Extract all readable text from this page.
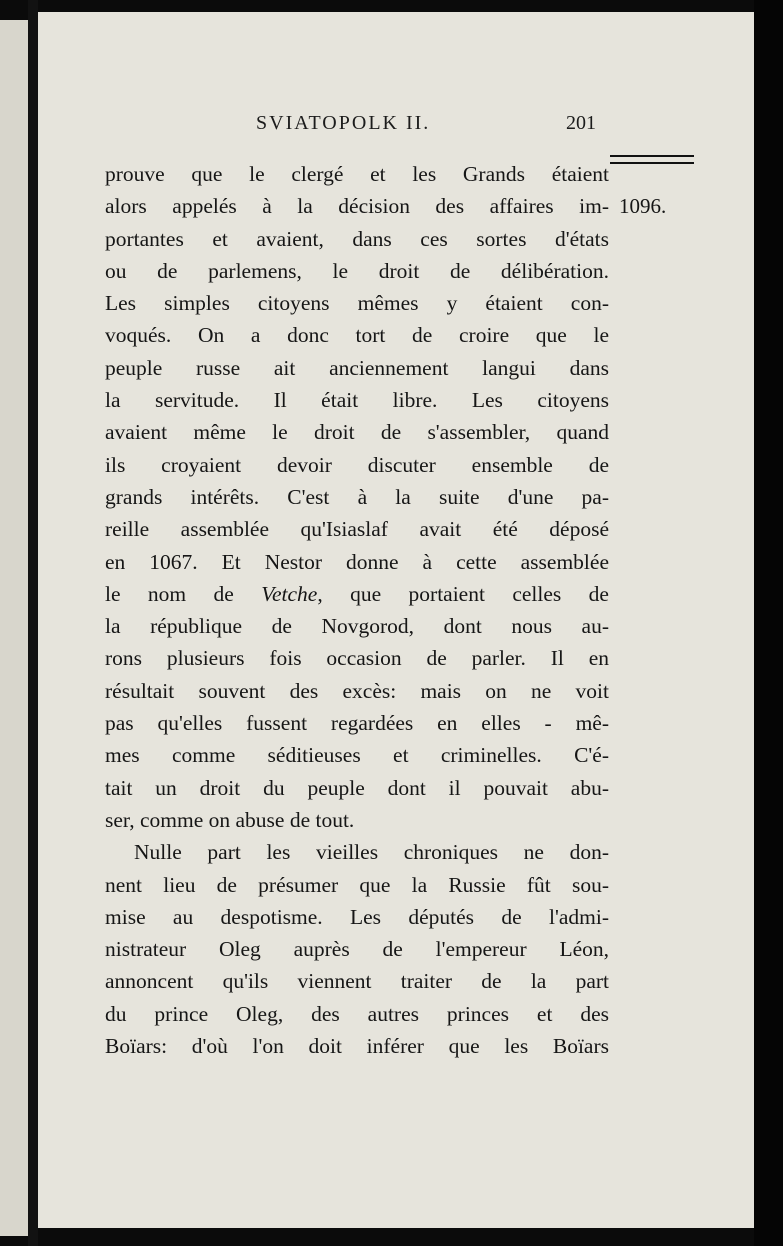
SVIATOPOLK II.	201
1096.
prouve que le clergé et les Grands étaient
alors appelés à la décision des affaires im-
portantes et avaient, dans ces sortes d'états
ou de parlemens, le droit de délibération.
Les simples citoyens mêmes y étaient con-
voqués. On a donc tort de croire que le
peuple russe ait anciennement langui dans
la servitude. Il était libre. Les citoyens
avaient même le droit de s'assembler, quand
ils croyaient devoir discuter ensemble de
grands intérêts. C'est à la suite d'une pa-
reille assemblée qu'Isiaslaf avait été déposé
en 1067. Et Nestor donne à cette assemblée
le nom de Vetche, que portaient celles de
la république de Novgorod, dont nous au-
rons plusieurs fois occasion de parler. Il en
résultait souvent des excès: mais on ne voit
pas qu'elles fussent regardées en elles - mê-
mes comme séditieuses et criminelles. C'é-
tait un droit du peuple dont il pouvait abu-
ser, comme on abuse de tout.
Nulle part les vieilles chroniques ne don-
nent lieu de présumer que la Russie fût sou-
mise au despotisme. Les députés de l'admi-
nistrateur Oleg auprès de l'empereur Léon,
annoncent qu'ils viennent traiter de la part
du prince Oleg, des autres princes et des
Boïars: d'où l'on doit inférer que les Boïars
